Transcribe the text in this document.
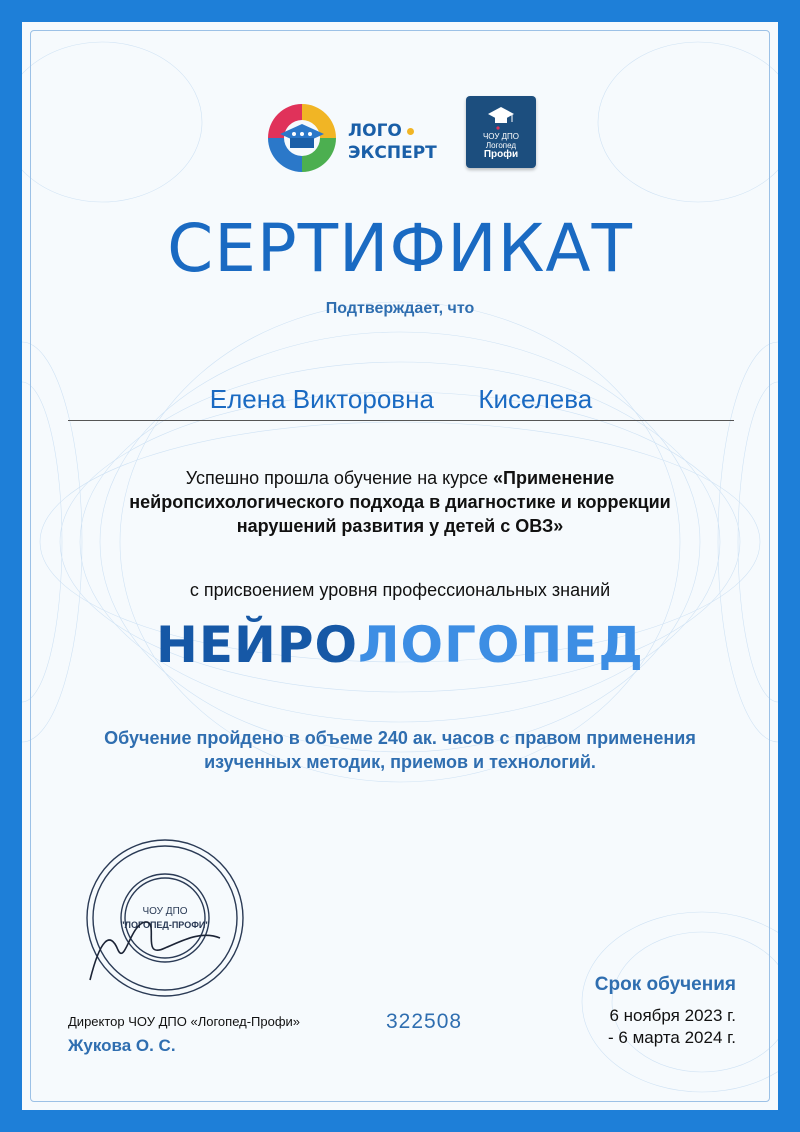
ЛОГО
ЭКСПЕРТ
ЧОУ ДПО
Логопед
Профи
СЕРТИФИКАТ
Подтверждает, что
Елена Викторовна Киселева
Успешно прошла обучение на курсе «Применение нейропсихологического подхода в диагностике и коррекции нарушений развития у детей с ОВЗ»
с присвоением уровня профессиональных знаний
НЕЙРОЛОГОПЕД
Обучение пройдено в объеме 240 ак. часов с правом применения изученных методик, приемов и технологий.
ЧОУ ДПО
"ЛОГОПЕД-ПРОФИ"
Директор ЧОУ ДПО «Логопед-Профи»
Жукова О. С.
322508
Срок обучения
6 ноября 2023 г.
- 6 марта 2024 г.
